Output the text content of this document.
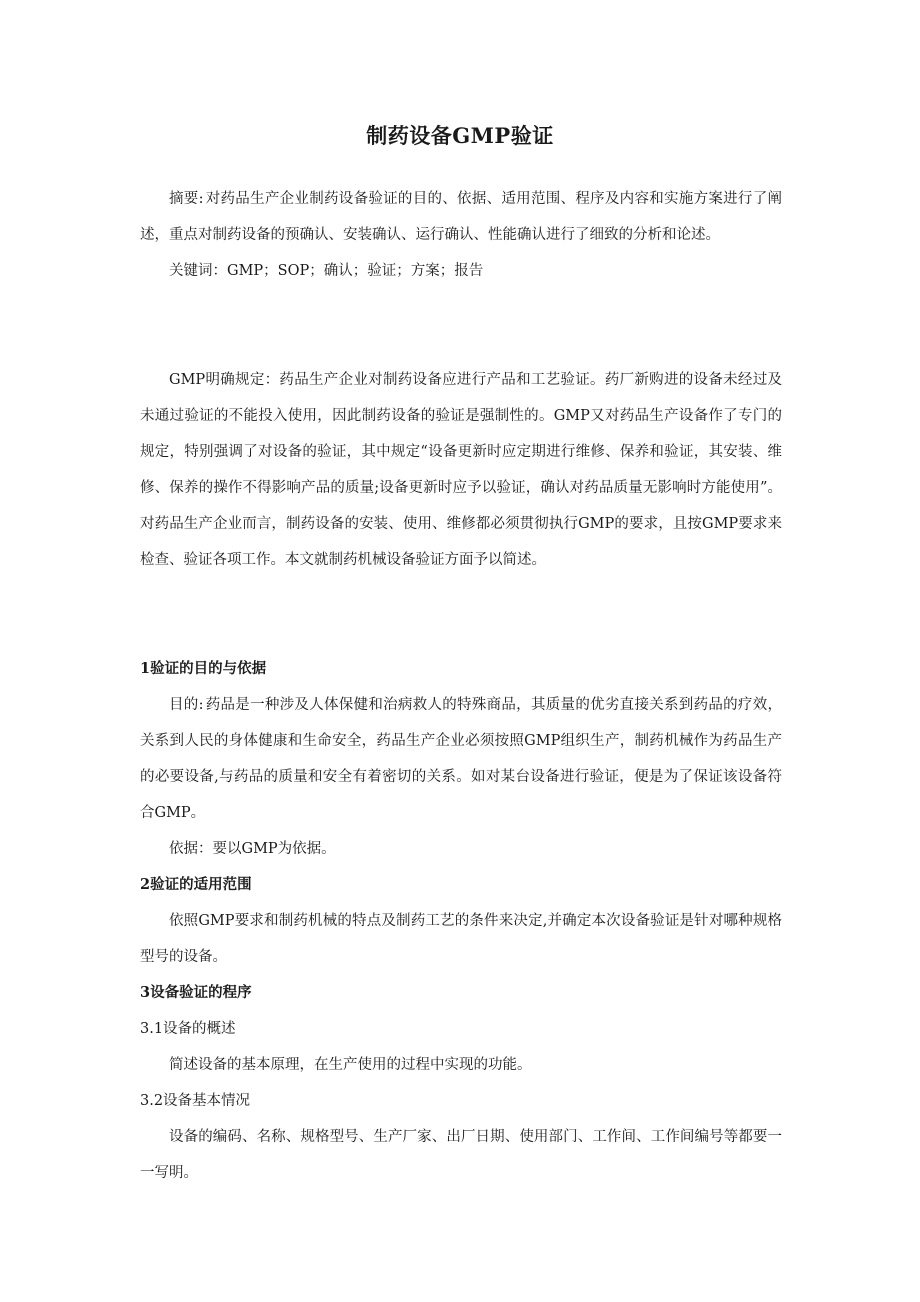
制药设备GMP验证

摘要: 对药品生产企业制药设备验证的目的、依据、适用范围、程序及内容和实施方案进行了阐述，重点对制药设备的预确认、安装确认、运行确认、性能确认进行了细致的分析和论述。

关键词：GMP；SOP；确认；验证；方案；报告

GMP明确规定：药品生产企业对制药设备应进行产品和工艺验证。药厂新购进的设备未经过及未通过验证的不能投入使用，因此制药设备的验证是强制性的。GMP又对药品生产设备作了专门的规定，特别强调了对设备的验证，其中规定“设备更新时应定期进行维修、保养和验证，其安装、维修、保养的操作不得影响产品的质量;设备更新时应予以验证，确认对药品质量无影响时方能使用”。对药品生产企业而言，制药设备的安装、使用、维修都必须贯彻执行GMP的要求，且按GMP要求来检查、验证各项工作。本文就制药机械设备验证方面予以简述。

1验证的目的与依据

目的: 药品是一种涉及人体保健和治病救人的特殊商品，其质量的优劣直接关系到药品的疗效，关系到人民的身体健康和生命安全，药品生产企业必须按照GMP组织生产，制药机械作为药品生产的必要设备,与药品的质量和安全有着密切的关系。如对某台设备进行验证，便是为了保证该设备符合GMP。

依据：要以GMP为依据。

2验证的适用范围

依照GMP要求和制药机械的特点及制药工艺的条件来决定,并确定本次设备验证是针对哪种规格型号的设备。

3设备验证的程序

3.1设备的概述

简述设备的基本原理，在生产使用的过程中实现的功能。

3.2设备基本情况

设备的编码、名称、规格型号、生产厂家、出厂日期、使用部门、工作间、工作间编号等都要一一写明。
